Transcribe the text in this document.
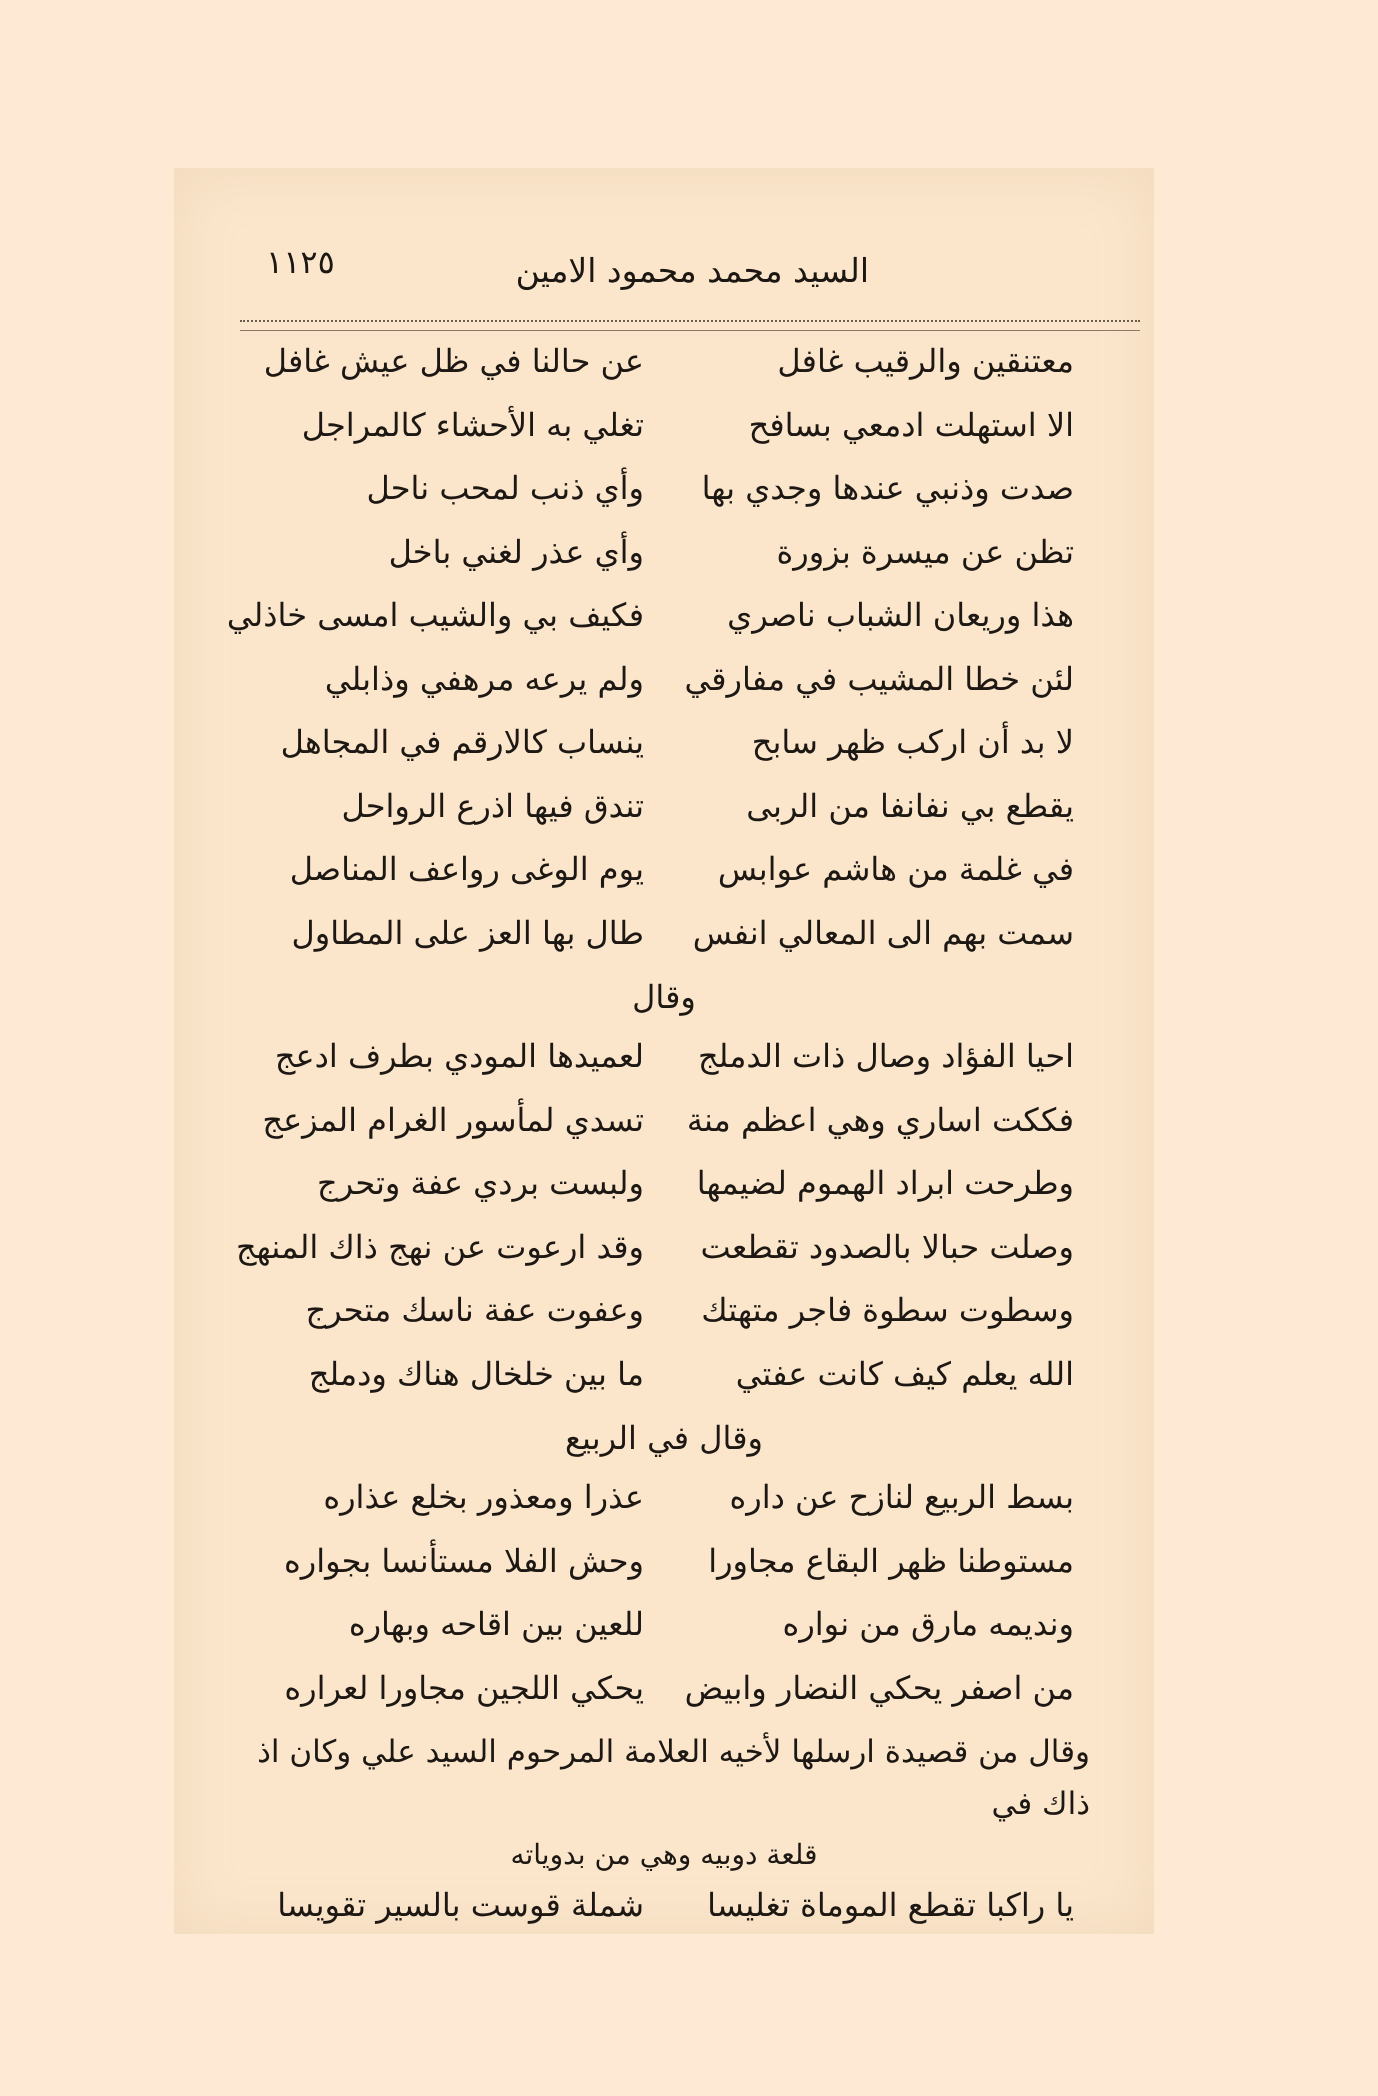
السيد محمد محمود الامين
١١٢٥
معتنقين والرقيب غافل
عن حالنا في ظل عيش غافل
الا استهلت ادمعي بسافح
تغلي به الأحشاء كالمراجل
صدت وذنبي عندها وجدي بها
وأي ذنب لمحب ناحل
تظن عن ميسرة بزورة
وأي عذر لغني باخل
هذا وريعان الشباب ناصري
فكيف بي والشيب امسى خاذلي
لئن خطا المشيب في مفارقي
ولم يرعه مرهفي وذابلي
لا بد أن اركب ظهر سابح
ينساب كالارقم في المجاهل
يقطع بي نفانفا من الربى
تندق فيها اذرع الرواحل
في غلمة من هاشم عوابس
يوم الوغى رواعف المناصل
سمت بهم الى المعالي انفس
طال بها العز على المطاول
وقال
احيا الفؤاد وصال ذات الدملج
لعميدها المودي بطرف ادعج
فككت اساري وهي اعظم منة
تسدي لمأسور الغرام المزعج
وطرحت ابراد الهموم لضيمها
ولبست بردي عفة وتحرج
وصلت حبالا بالصدود تقطعت
وقد ارعوت عن نهج ذاك المنهج
وسطوت سطوة فاجر متهتك
وعفوت عفة ناسك متحرج
الله يعلم كيف كانت عفتي
ما بين خلخال هناك ودملج
وقال في الربيع
بسط الربيع لنازح عن داره
عذرا ومعذور بخلع عذاره
مستوطنا ظهر البقاع مجاورا
وحش الفلا مستأنسا بجواره
ونديمه مارق من نواره
للعين بين اقاحه وبهاره
من اصفر يحكي النضار وابيض
يحكي اللجين مجاورا لعراره
وقال من قصيدة ارسلها لأخيه العلامة المرحوم السيد علي وكان اذ ذاك في
قلعة دوبيه وهي من بدوياته
يا راكبا تقطع الموماة تغليسا
شملة قوست بالسير تقويسا
